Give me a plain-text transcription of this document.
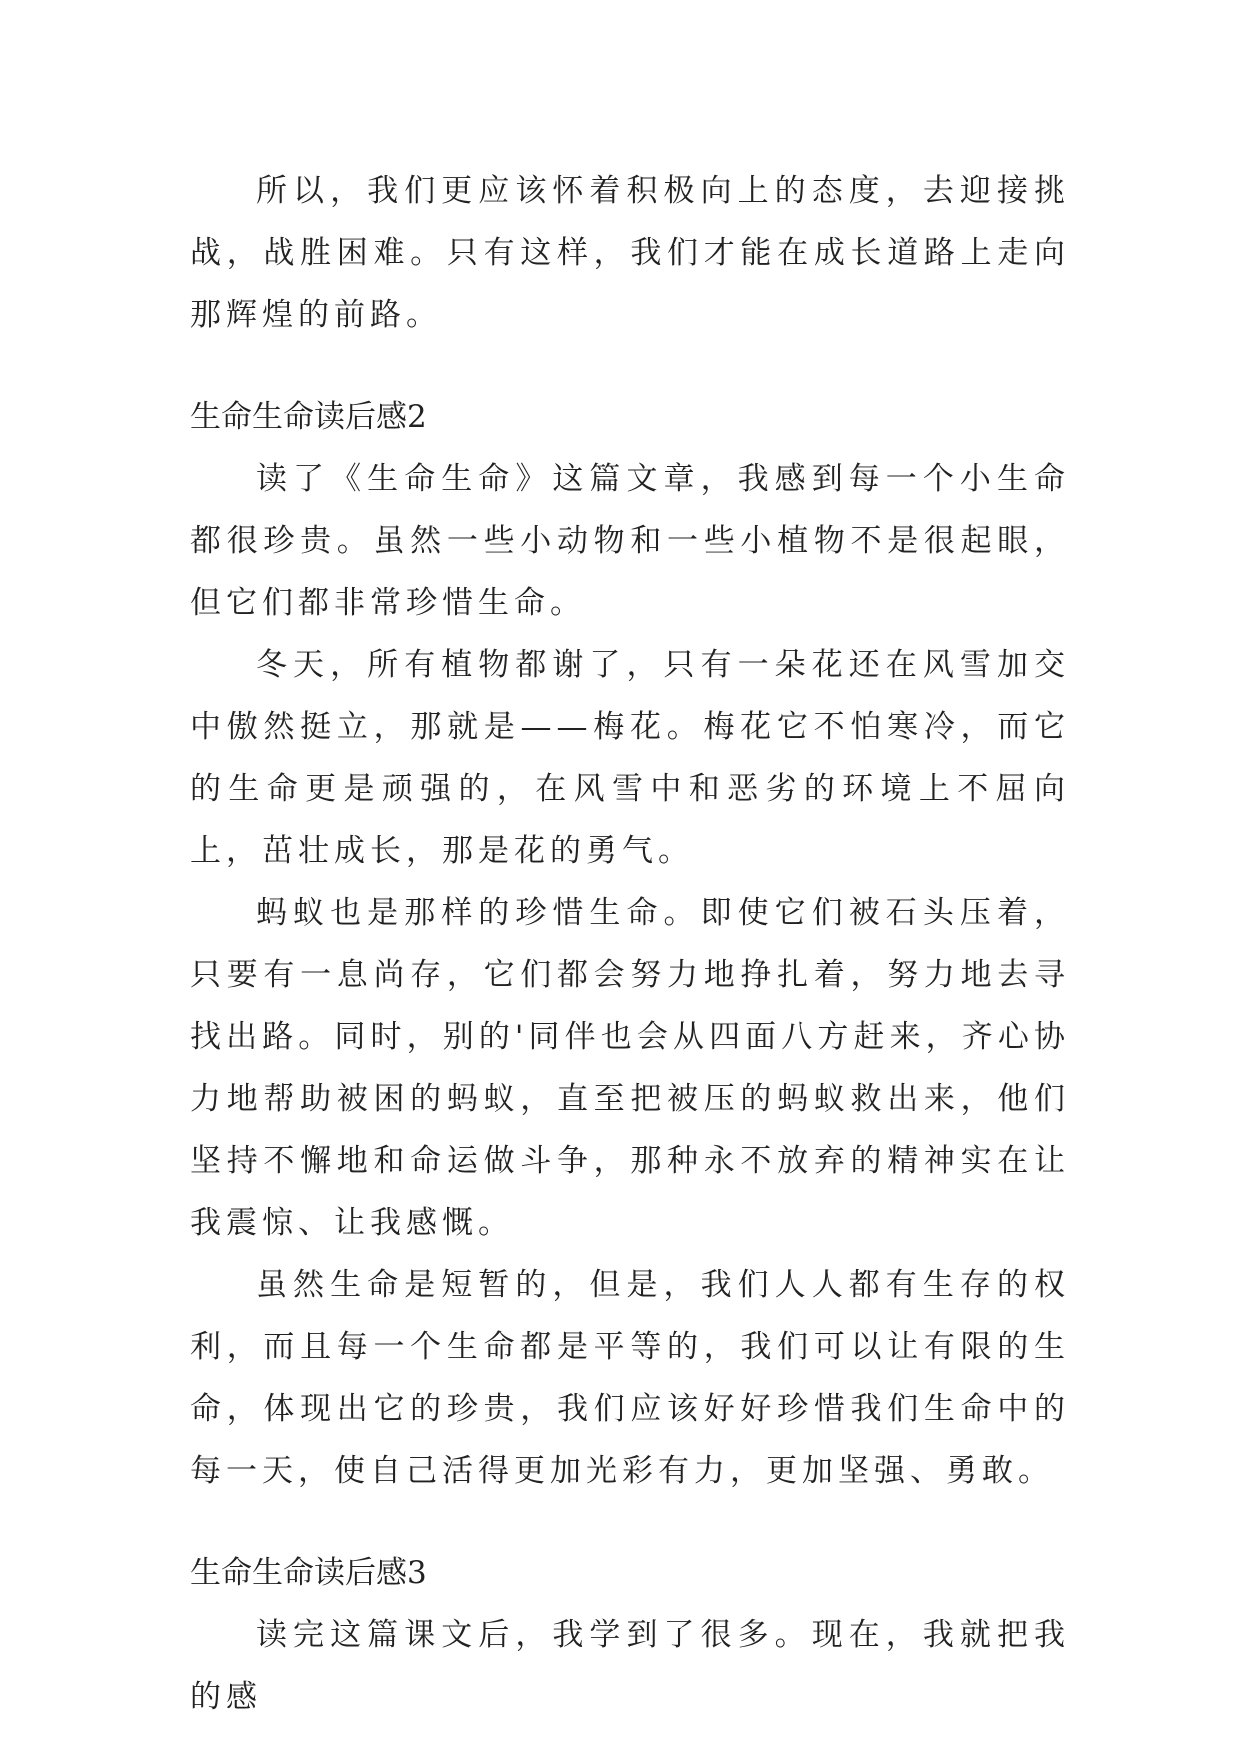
所以，我们更应该怀着积极向上的态度，去迎接挑战，战胜困难。只有这样，我们才能在成长道路上走向那辉煌的前路。

生命生命读后感2

读了《生命生命》这篇文章，我感到每一个小生命都很珍贵。虽然一些小动物和一些小植物不是很起眼，但它们都非常珍惜生命。

冬天，所有植物都谢了，只有一朵花还在风雪加交中傲然挺立，那就是——梅花。梅花它不怕寒冷，而它的生命更是顽强的，在风雪中和恶劣的环境上不屈向上，茁壮成长，那是花的勇气。

蚂蚁也是那样的珍惜生命。即使它们被石头压着，只要有一息尚存，它们都会努力地挣扎着，努力地去寻找出路。同时，别的'同伴也会从四面八方赶来，齐心协力地帮助被困的蚂蚁，直至把被压的蚂蚁救出来，他们坚持不懈地和命运做斗争，那种永不放弃的精神实在让我震惊、让我感慨。

虽然生命是短暂的，但是，我们人人都有生存的权利，而且每一个生命都是平等的，我们可以让有限的生命，体现出它的珍贵，我们应该好好珍惜我们生命中的每一天，使自己活得更加光彩有力，更加坚强、勇敢。

生命生命读后感3

读完这篇课文后，我学到了很多。现在，我就把我的感
